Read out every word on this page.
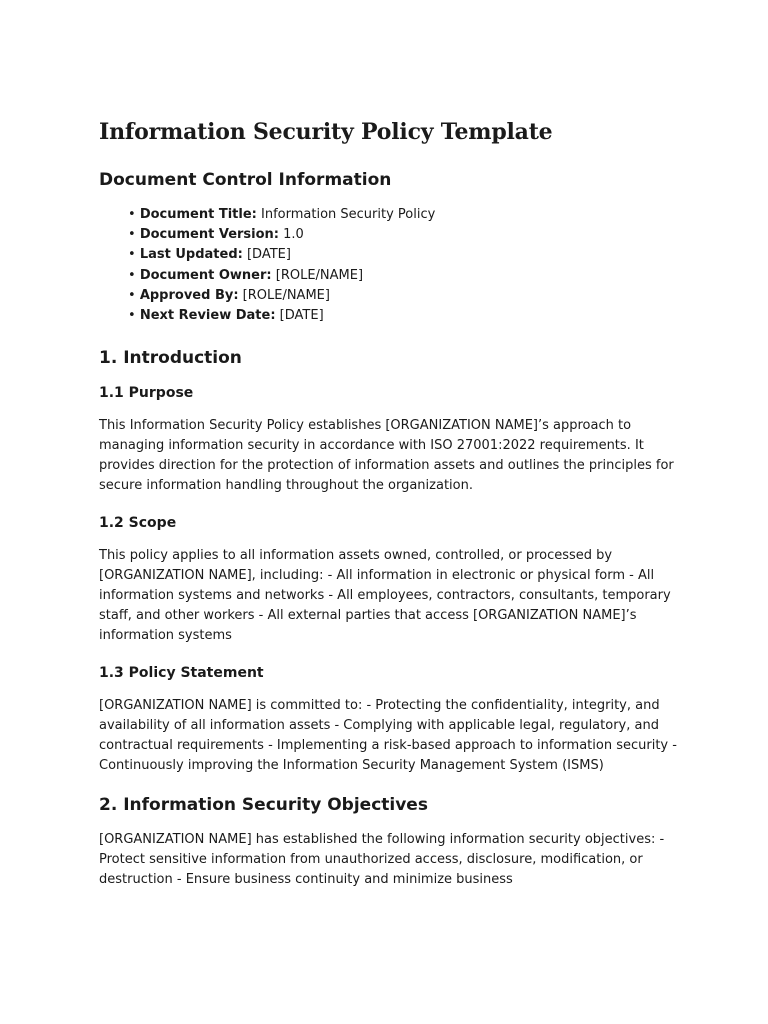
Information Security Policy Template
Document Control Information
• Document Title: Information Security Policy
• Document Version: 1.0
• Last Updated: [DATE]
• Document Owner: [ROLE/NAME]
• Approved By: [ROLE/NAME]
• Next Review Date: [DATE]
1. Introduction
1.1 Purpose

This Information Security Policy establishes [ORGANIZATION NAME]’s approach to managing information security in accordance with ISO 27001:2022 requirements. It provides direction for the protection of information assets and outlines the principles for secure information handling throughout the organization.

1.2 Scope

This policy applies to all information assets owned, controlled, or processed by [ORGANIZATION NAME], including: - All information in electronic or physical form - All information systems and networks - All employees, contractors, consultants, temporary staff, and other workers - All external parties that access [ORGANIZATION NAME]’s information systems

1.3 Policy Statement

[ORGANIZATION NAME] is committed to: - Protecting the confidentiality, integrity, and availability of all information assets - Complying with applicable legal, regulatory, and contractual requirements - Implementing a risk-based approach to information security - Continuously improving the Information Security Management System (ISMS)

2. Information Security Objectives

[ORGANIZATION NAME] has established the following information security objectives: - Protect sensitive information from unauthorized access, disclosure, modification, or destruction - Ensure business continuity and minimize business
